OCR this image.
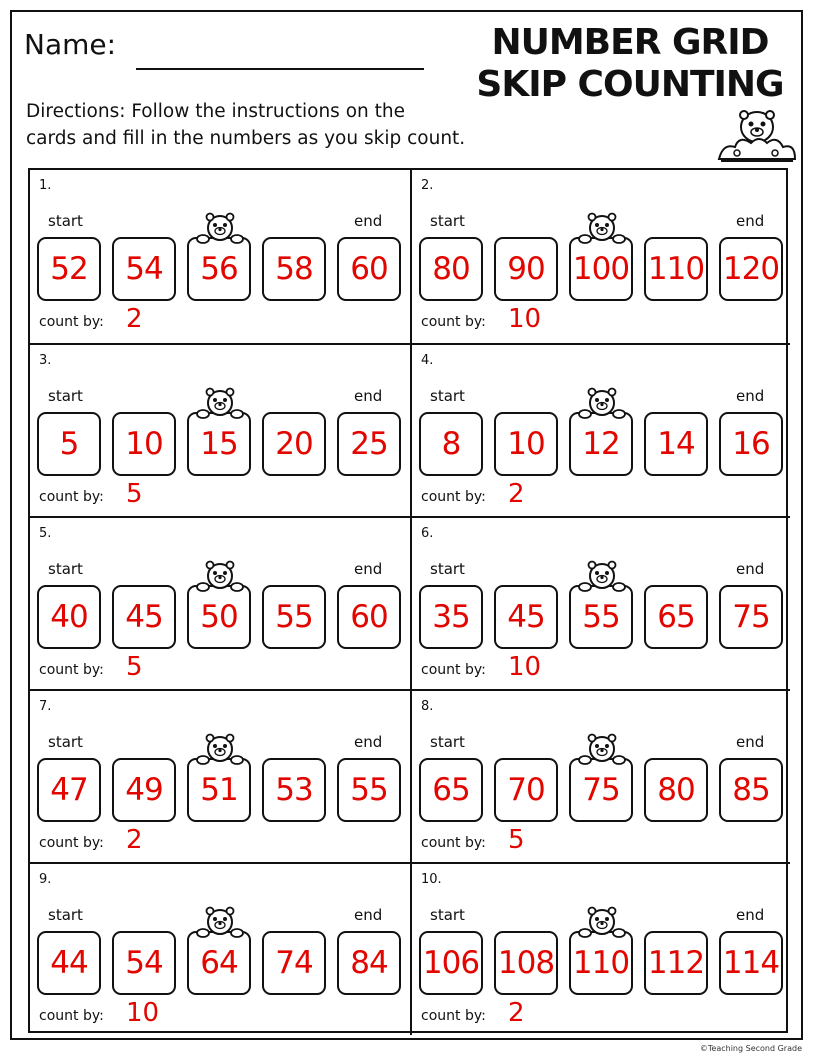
Name:	NUMBER GRID
SKIP COUNTING
Directions: Follow the instructions on the
cards and fill in the numbers as you skip count.
1.
start	end
52	54	56	58	60
count by: 2
2.
start	end
80	90 100 110 120
count by: 10
3.
start	end
5	10	15	20	25
count by: 5
4.
start	end
8	10	12	14	16
count by: 2
5.
start	end
40	45	50	55	60
count by: 5
6.
start	end
35	45	55	65	75
count by: 10
7.
start	end
47	49	51	53	55
count by: 2
8.
start	end
65	70	75	80	85
count by: 5
9.
start	end
44	54	64	74	84
count by: 10
10.
start	end
106 108 110 112 114
count by: 2
©Teaching Second Grade
